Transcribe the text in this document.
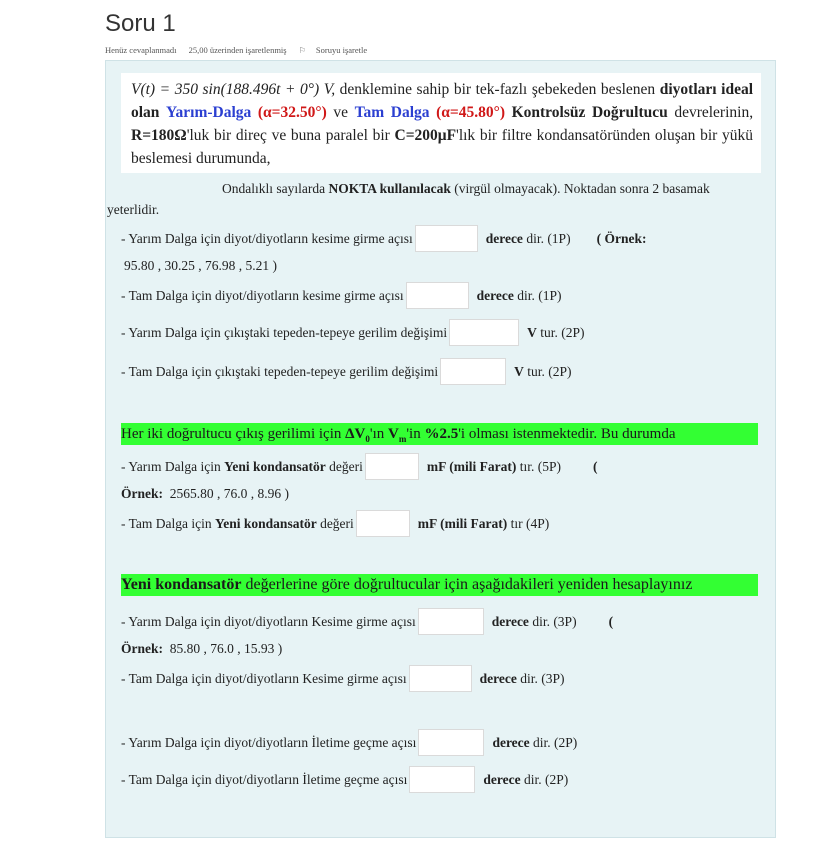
Soru 1
Henüz cevaplanmadı 25,00 üzerinden işaretlenmiş ⚐ Soruyu işaretle
V(t) = 350 sin(188.496t + 0°) V, denklemine sahip bir tek-fazlı şebekeden beslenen diyotları ideal olan Yarım-Dalga (α=32.50°) ve Tam Dalga (α=45.80°) Kontrolsüz Doğrultucu devrelerinin, R=180Ω'luk bir direç ve buna paralel bir C=200μF'lık bir filtre kondansatöründen oluşan bir yükü beslemesi durumunda,
Ondalıklı sayılarda NOKTA kullanılacak (virgül olmayacak). Noktadan sonra 2 basamak
yeterlidir.
- Yarım Dalga için diyot/diyotların kesime girme açısı	derece
dir. (1P) ( Örnek:
95.80 , 30.25 , 76.98 , 5.21 )
- Tam Dalga için diyot/diyotların kesime girme açısı	derece
dir. (1P)
- Yarım Dalga için çıkıştaki tepeden-tepeye gerilim değişimi	V
tur. (2P)
- Tam Dalga için çıkıştaki tepeden-tepeye gerilim değişimi	V
tur. (2P)
Her iki doğrultucu çıkış gerilimi için $\Delta V_0'ın$ $V_m'in$ %2.5'i olması istenmektedir. Bu durumda
- Yarım Dalga için
Yeni kondansatör
değeri	mF (mili Farat)
tır. (5P) (
Örnek: 2565.80 , 76.0 , 8.96 )
- Tam Dalga için
Yeni kondansatör
değeri	mF (mili Farat)
tır (4P)
Yeni kondansatör değerlerine göre doğrultucular için aşağıdakileri yeniden hesaplayınız
- Yarım Dalga için diyot/diyotların Kesime girme açısı	derece
dir. (3P) (
Örnek: 85.80 , 76.0 , 15.93 )
- Tam Dalga için diyot/diyotların Kesime girme açısı	derece
dir. (3P)
- Yarım Dalga için diyot/diyotların İletime geçme açısı	derece
dir. (2P)
- Tam Dalga için diyot/diyotların İletime geçme açısı	derece
dir. (2P)
